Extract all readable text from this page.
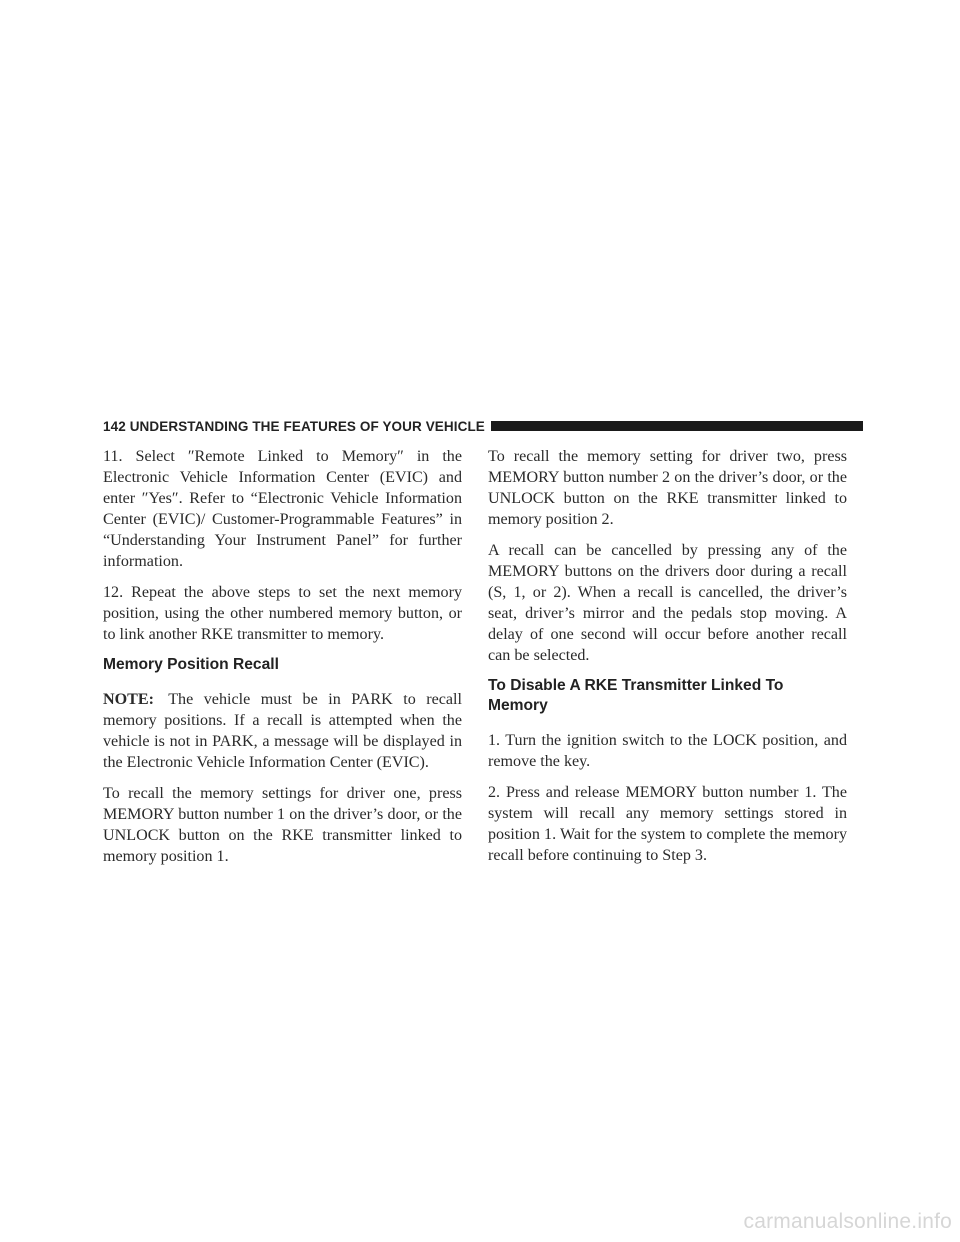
142 UNDERSTANDING THE FEATURES OF YOUR VEHICLE

11. Select ″Remote Linked to Memory″ in the Electronic Vehicle Information Center (EVIC) and enter ″Yes″. Refer to “Electronic Vehicle Information Center (EVIC)/ Customer-Programmable Features” in “Understanding Your Instrument Panel” for further information.

12. Repeat the above steps to set the next memory position, using the other numbered memory button, or to link another RKE transmitter to memory.

Memory Position Recall

NOTE: The vehicle must be in PARK to recall memory positions. If a recall is attempted when the vehicle is not in PARK, a message will be displayed in the Electronic Vehicle Information Center (EVIC).

To recall the memory settings for driver one, press MEMORY button number 1 on the driver’s door, or the UNLOCK button on the RKE transmitter linked to memory position 1.

To recall the memory setting for driver two, press MEMORY button number 2 on the driver’s door, or the UNLOCK button on the RKE transmitter linked to memory position 2.

A recall can be cancelled by pressing any of the MEMORY buttons on the drivers door during a recall (S, 1, or 2). When a recall is cancelled, the driver’s seat, driver’s mirror and the pedals stop moving. A delay of one second will occur before another recall can be selected.

To Disable A RKE Transmitter Linked To Memory

1. Turn the ignition switch to the LOCK position, and remove the key.

2. Press and release MEMORY button number 1. The system will recall any memory settings stored in position 1. Wait for the system to complete the memory recall before continuing to Step 3.

carmanualsonline.info
